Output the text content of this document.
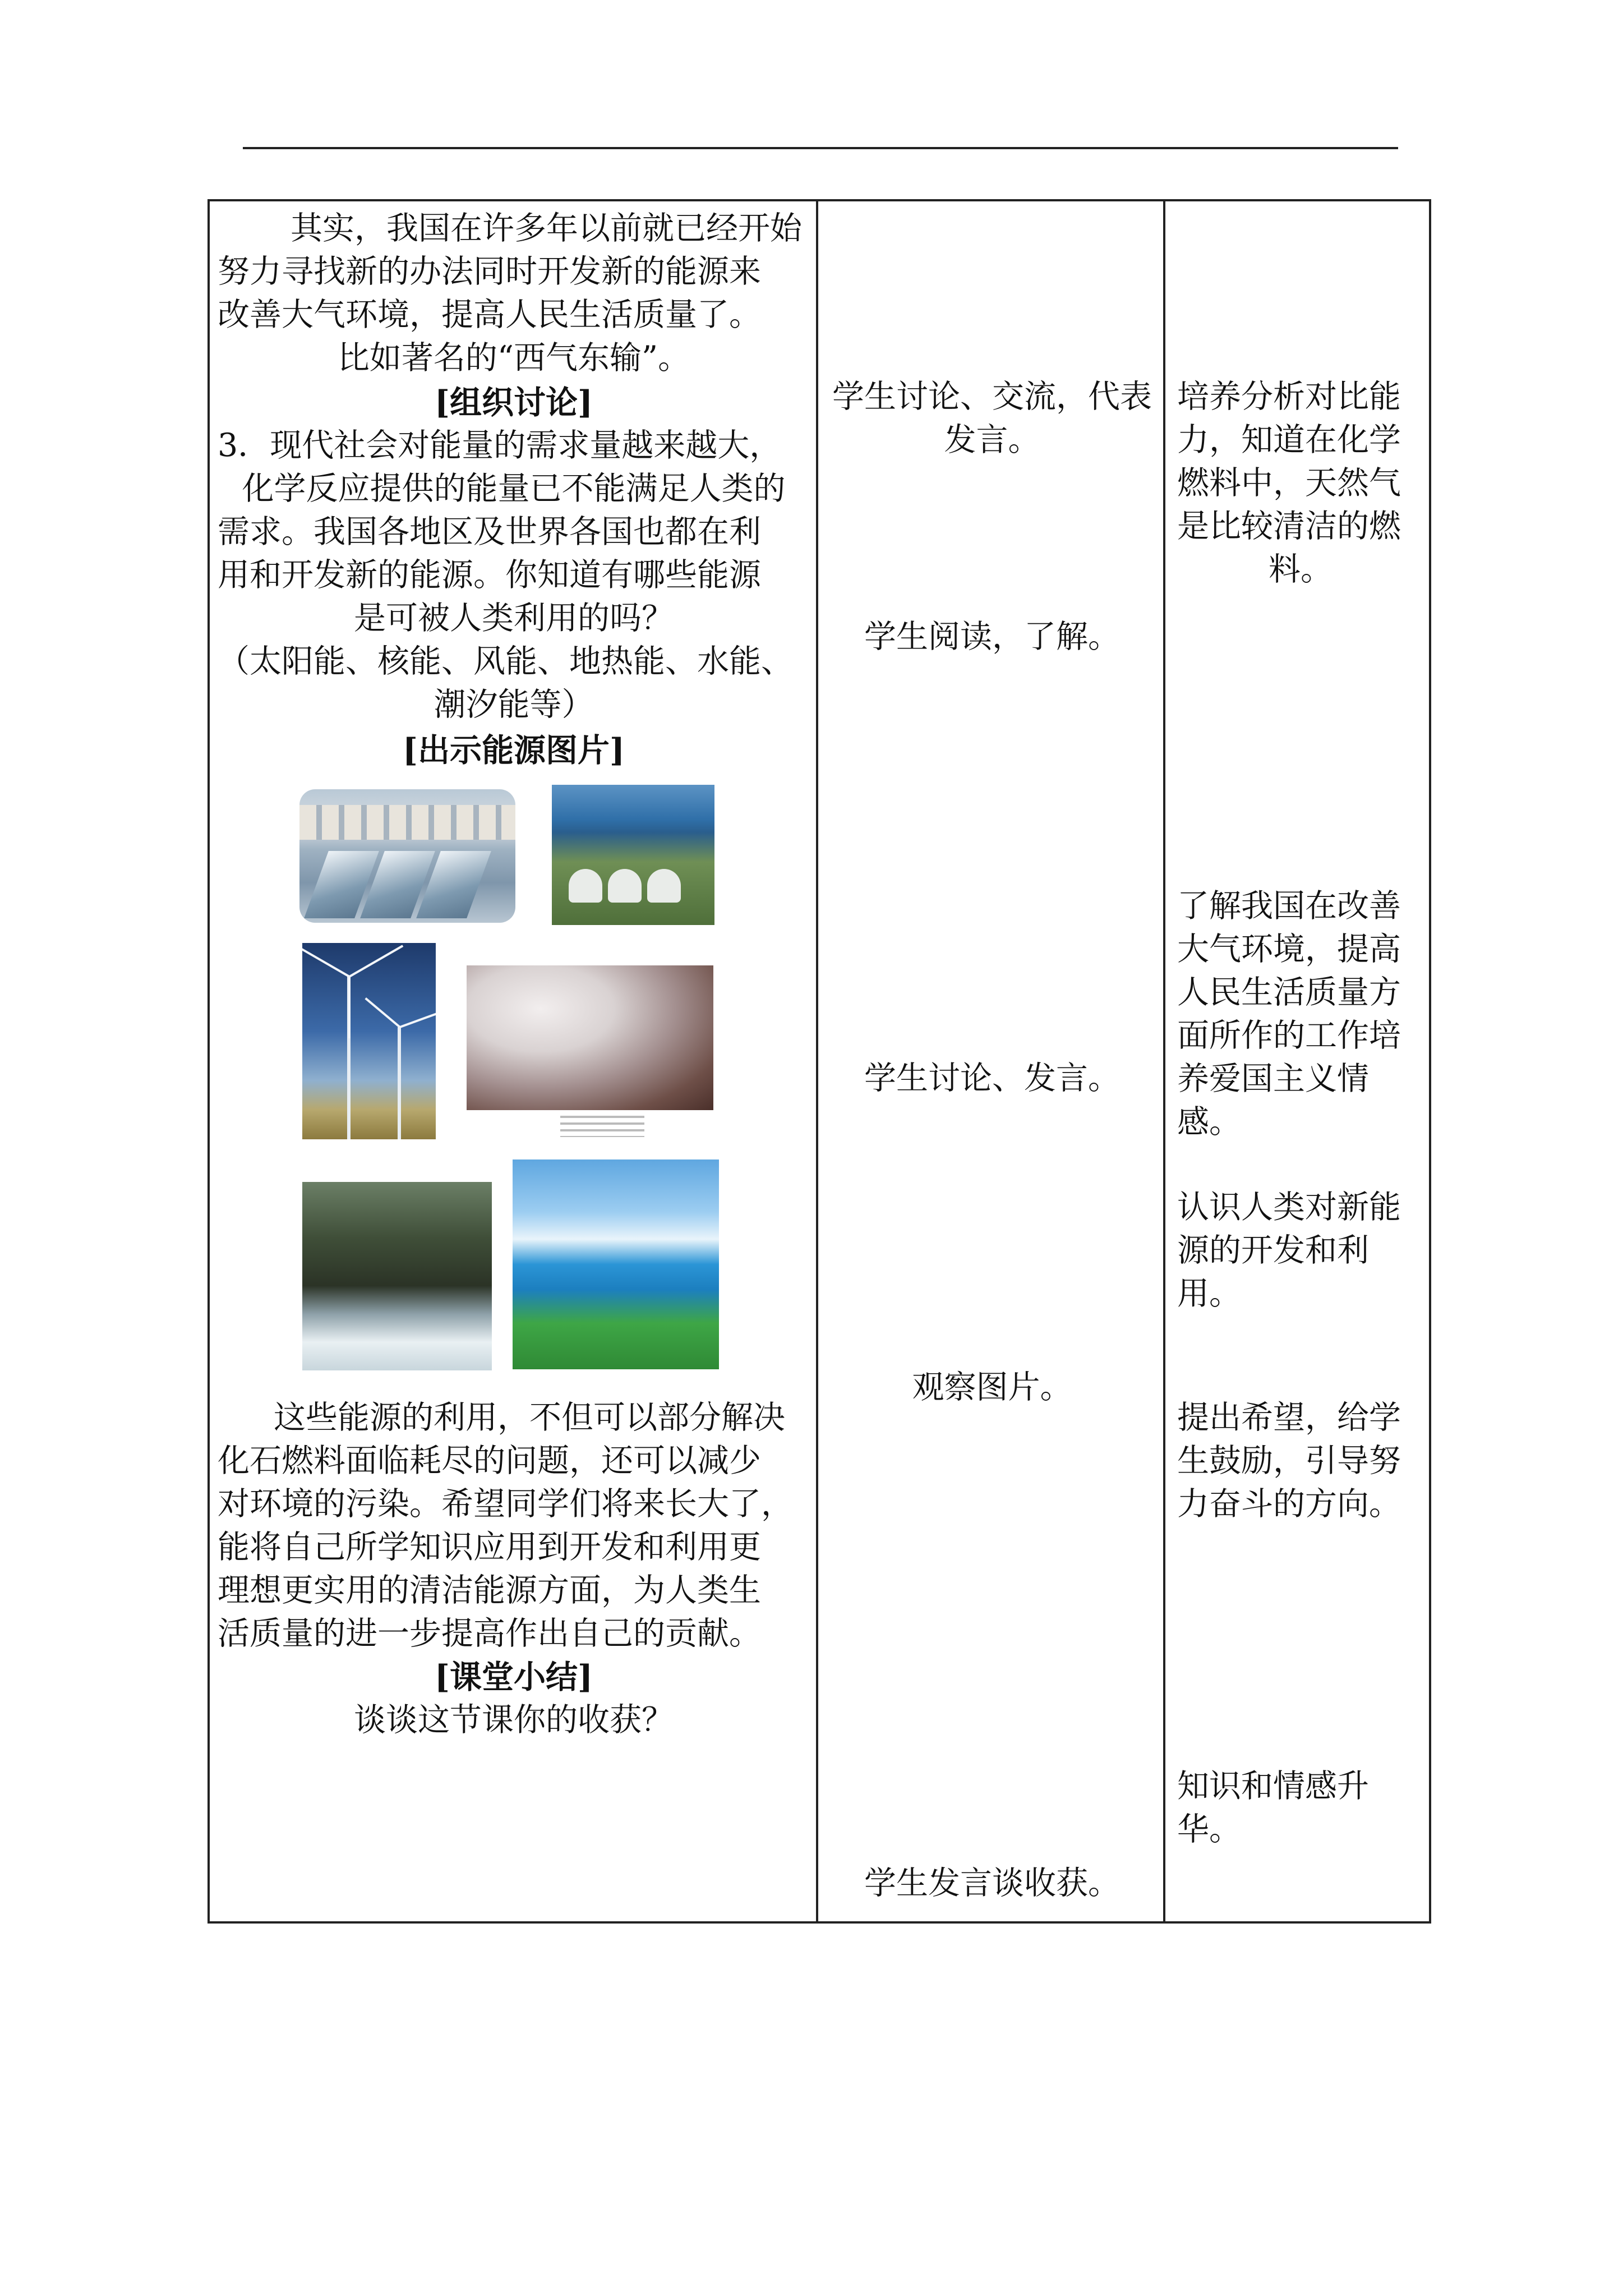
其实，我国在许多年以前就已经开始

努力寻找新的办法同时开发新的能源来

改善大气环境，提高人民生活质量了。

比如著名的“西气东输”。

[组织讨论]

3．现代社会对能量的需求量越来越大，

化学反应提供的能量已不能满足人类的

需求。我国各地区及世界各国也都在利

用和开发新的能源。你知道有哪些能源

是可被人类利用的吗？

（太阳能、核能、风能、地热能、水能、

潮汐能等）

[出示能源图片]

这些能源的利用，不但可以部分解决

化石燃料面临耗尽的问题，还可以减少

对环境的污染。希望同学们将来长大了，

能将自己所学知识应用到开发和利用更

理想更实用的清洁能源方面，为人类生

活质量的进一步提高作出自己的贡献。

[课堂小结]
谈谈这节课你的收获？

学生讨论、交流，代表

发言。

学生阅读，了解。
学生讨论、发言。
观察图片。
学生发言谈收获。

培养分析对比能

力，知道在化学

燃料中，天然气

是比较清洁的燃

料。

了解我国在改善

大气环境，提高

人民生活质量方

面所作的工作培

养爱国主义情感。

认识人类对新能

源的开发和利用。

提出希望，给学

生鼓励，引导努

力奋斗的方向。

知识和情感升华。
